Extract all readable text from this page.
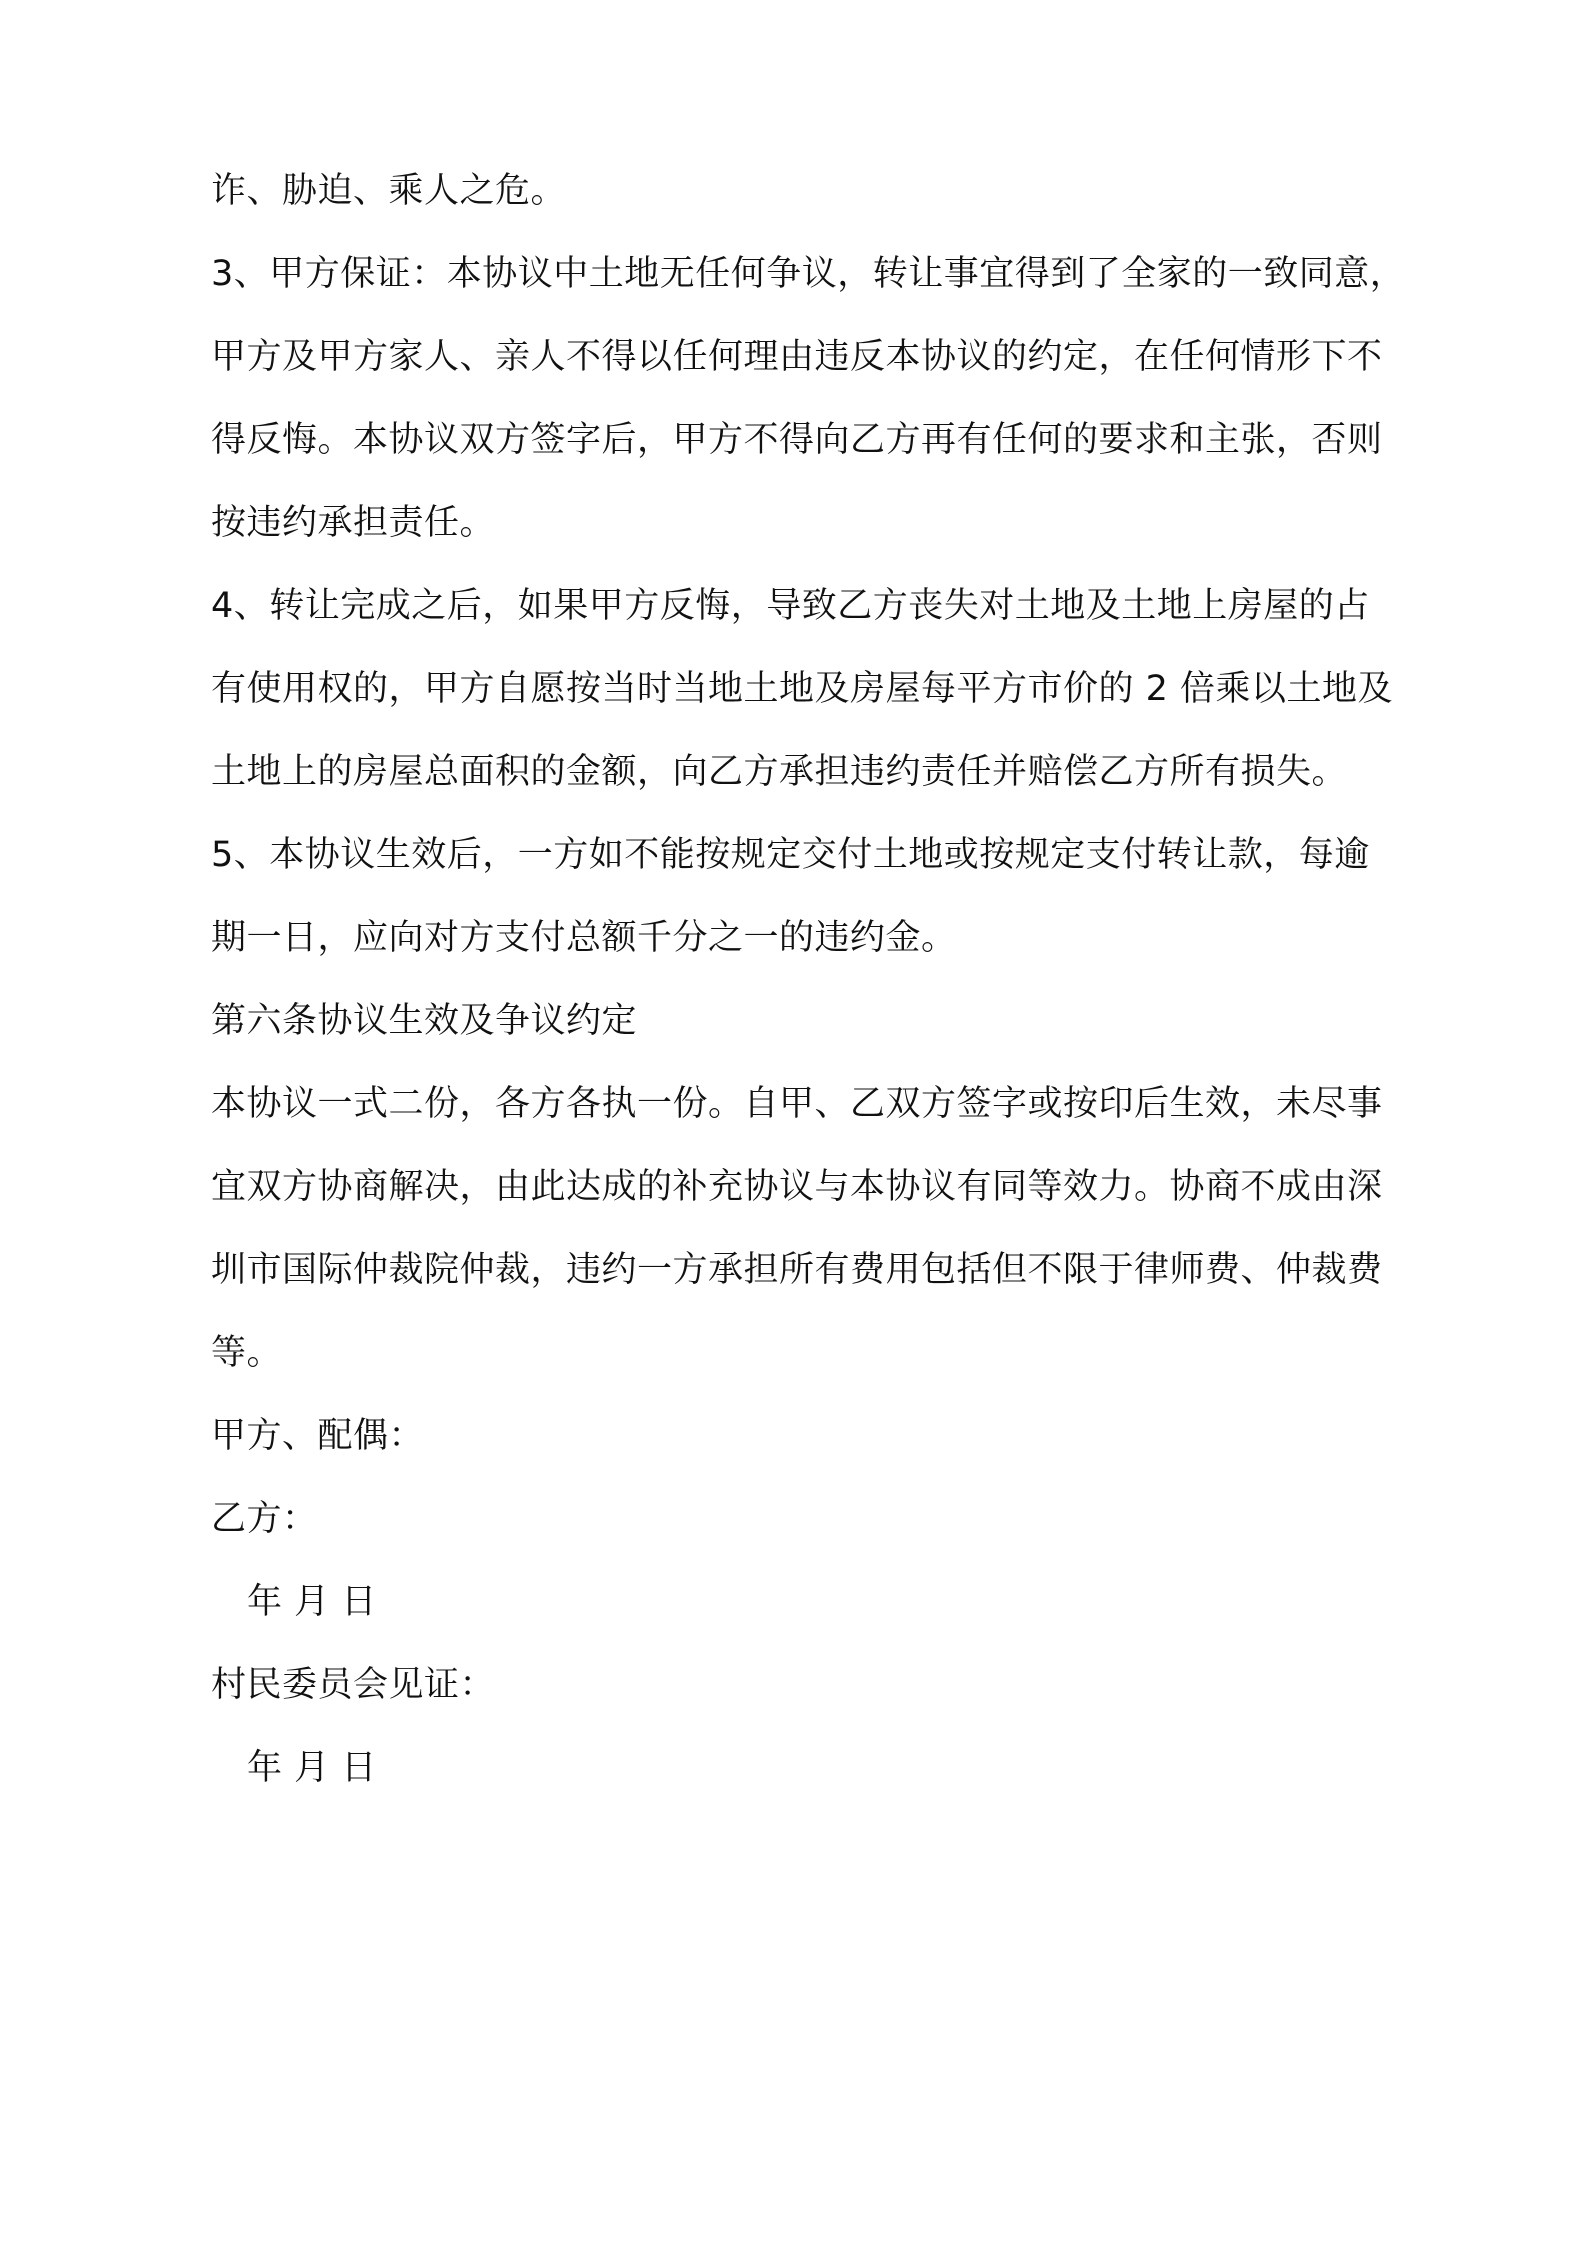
诈、胁迫、乘人之危。
3、甲方保证：本协议中土地无任何争议，转让事宜得到了全家的一致同意，
甲方及甲方家人、亲人不得以任何理由违反本协议的约定，在任何情形下不
得反悔。本协议双方签字后，甲方不得向乙方再有任何的要求和主张，否则
按违约承担责任。
4、转让完成之后，如果甲方反悔，导致乙方丧失对土地及土地上房屋的占
有使用权的，甲方自愿按当时当地土地及房屋每平方市价的 2 倍乘以土地及
土地上的房屋总面积的金额，向乙方承担违约责任并赔偿乙方所有损失。
5、本协议生效后，一方如不能按规定交付土地或按规定支付转让款，每逾
期一日，应向对方支付总额千分之一的违约金。
第六条协议生效及争议约定
本协议一式二份，各方各执一份。自甲、乙双方签字或按印后生效，未尽事
宜双方协商解决，由此达成的补充协议与本协议有同等效力。协商不成由深
圳市国际仲裁院仲裁，违约一方承担所有费用包括但不限于律师费、仲裁费
等。
甲方、配偶：
乙方：
年 月 日
村民委员会见证：
年 月 日
